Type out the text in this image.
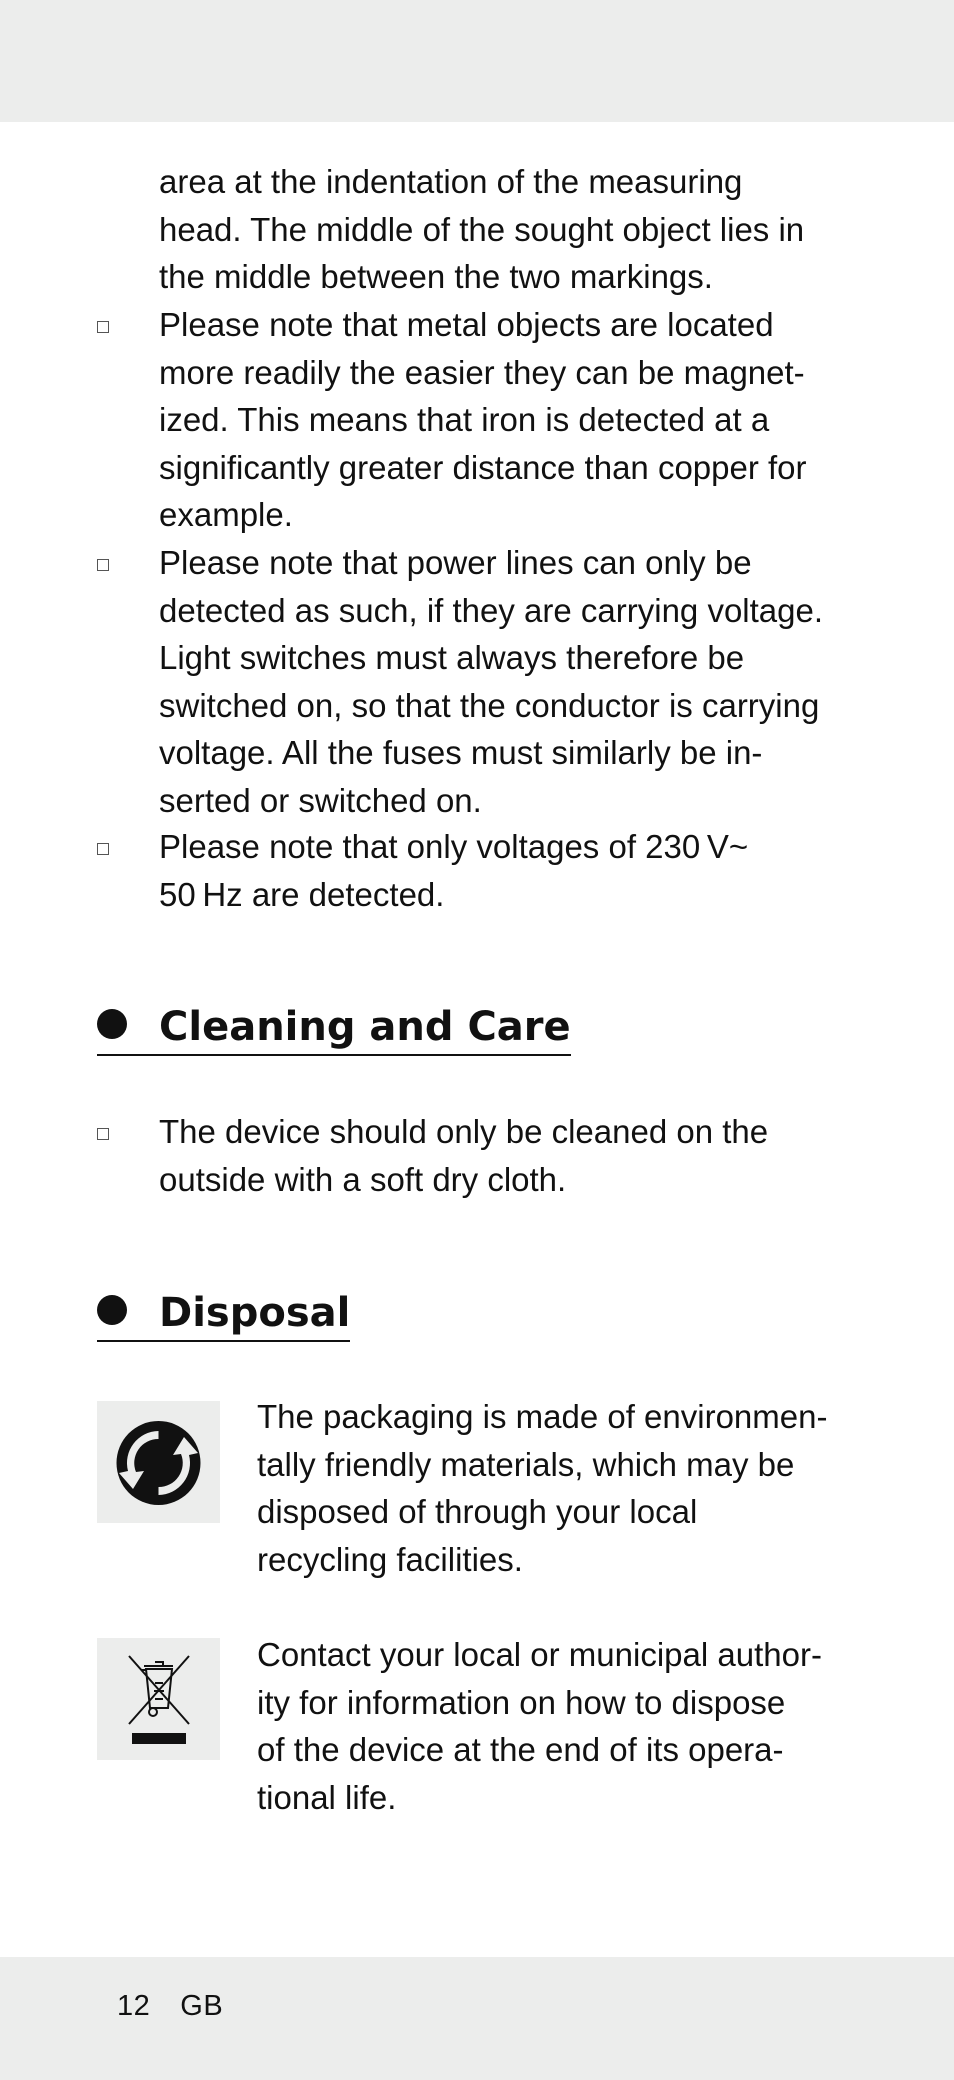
area at the indentation of the measuring
head. The middle of the sought object lies in
the middle between the two markings.
Please note that metal objects are located
more readily the easier they can be magnet-
ized. This means that iron is detected at a
significantly greater distance than copper for
example.
Please note that power lines can only be
detected as such, if they are carrying voltage.
Light switches must always therefore be
switched on, so that the conductor is carrying
voltage. All the fuses must similarly be in-
serted or switched on.
Please note that only voltages of 230 V~
50 Hz are detected.
Cleaning and Care
The device should only be cleaned on the
outside with a soft dry cloth.
Disposal
The packaging is made of environmen-
tally friendly materials, which may be
disposed of through your local
recycling facilities.
Contact your local or municipal author-
ity for information on how to dispose
of the device at the end of its opera-
tional life.
12 GB
